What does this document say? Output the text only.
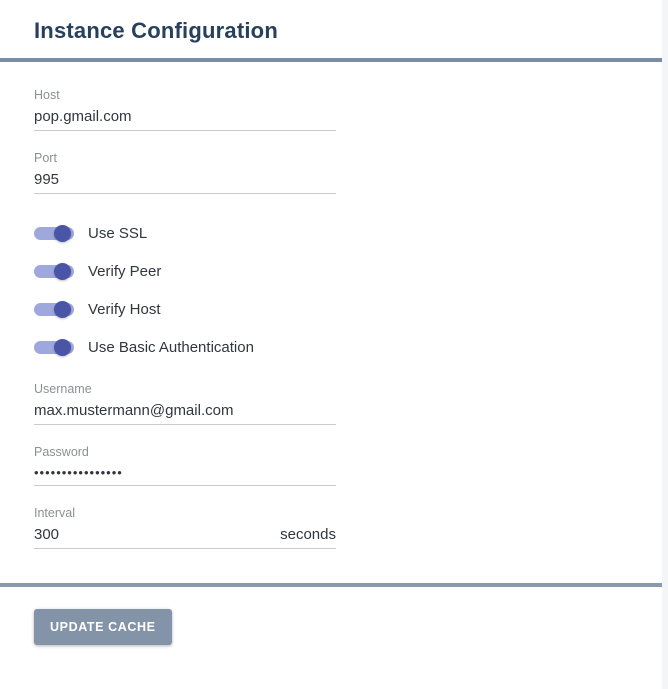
Instance Configuration
Host
pop.gmail.com
Port
995
Use SSL
Verify Peer
Verify Host
Use Basic Authentication
Username
max.mustermann@gmail.com
Password
••••••••••••••••
Interval
300
seconds
UPDATE CACHE
